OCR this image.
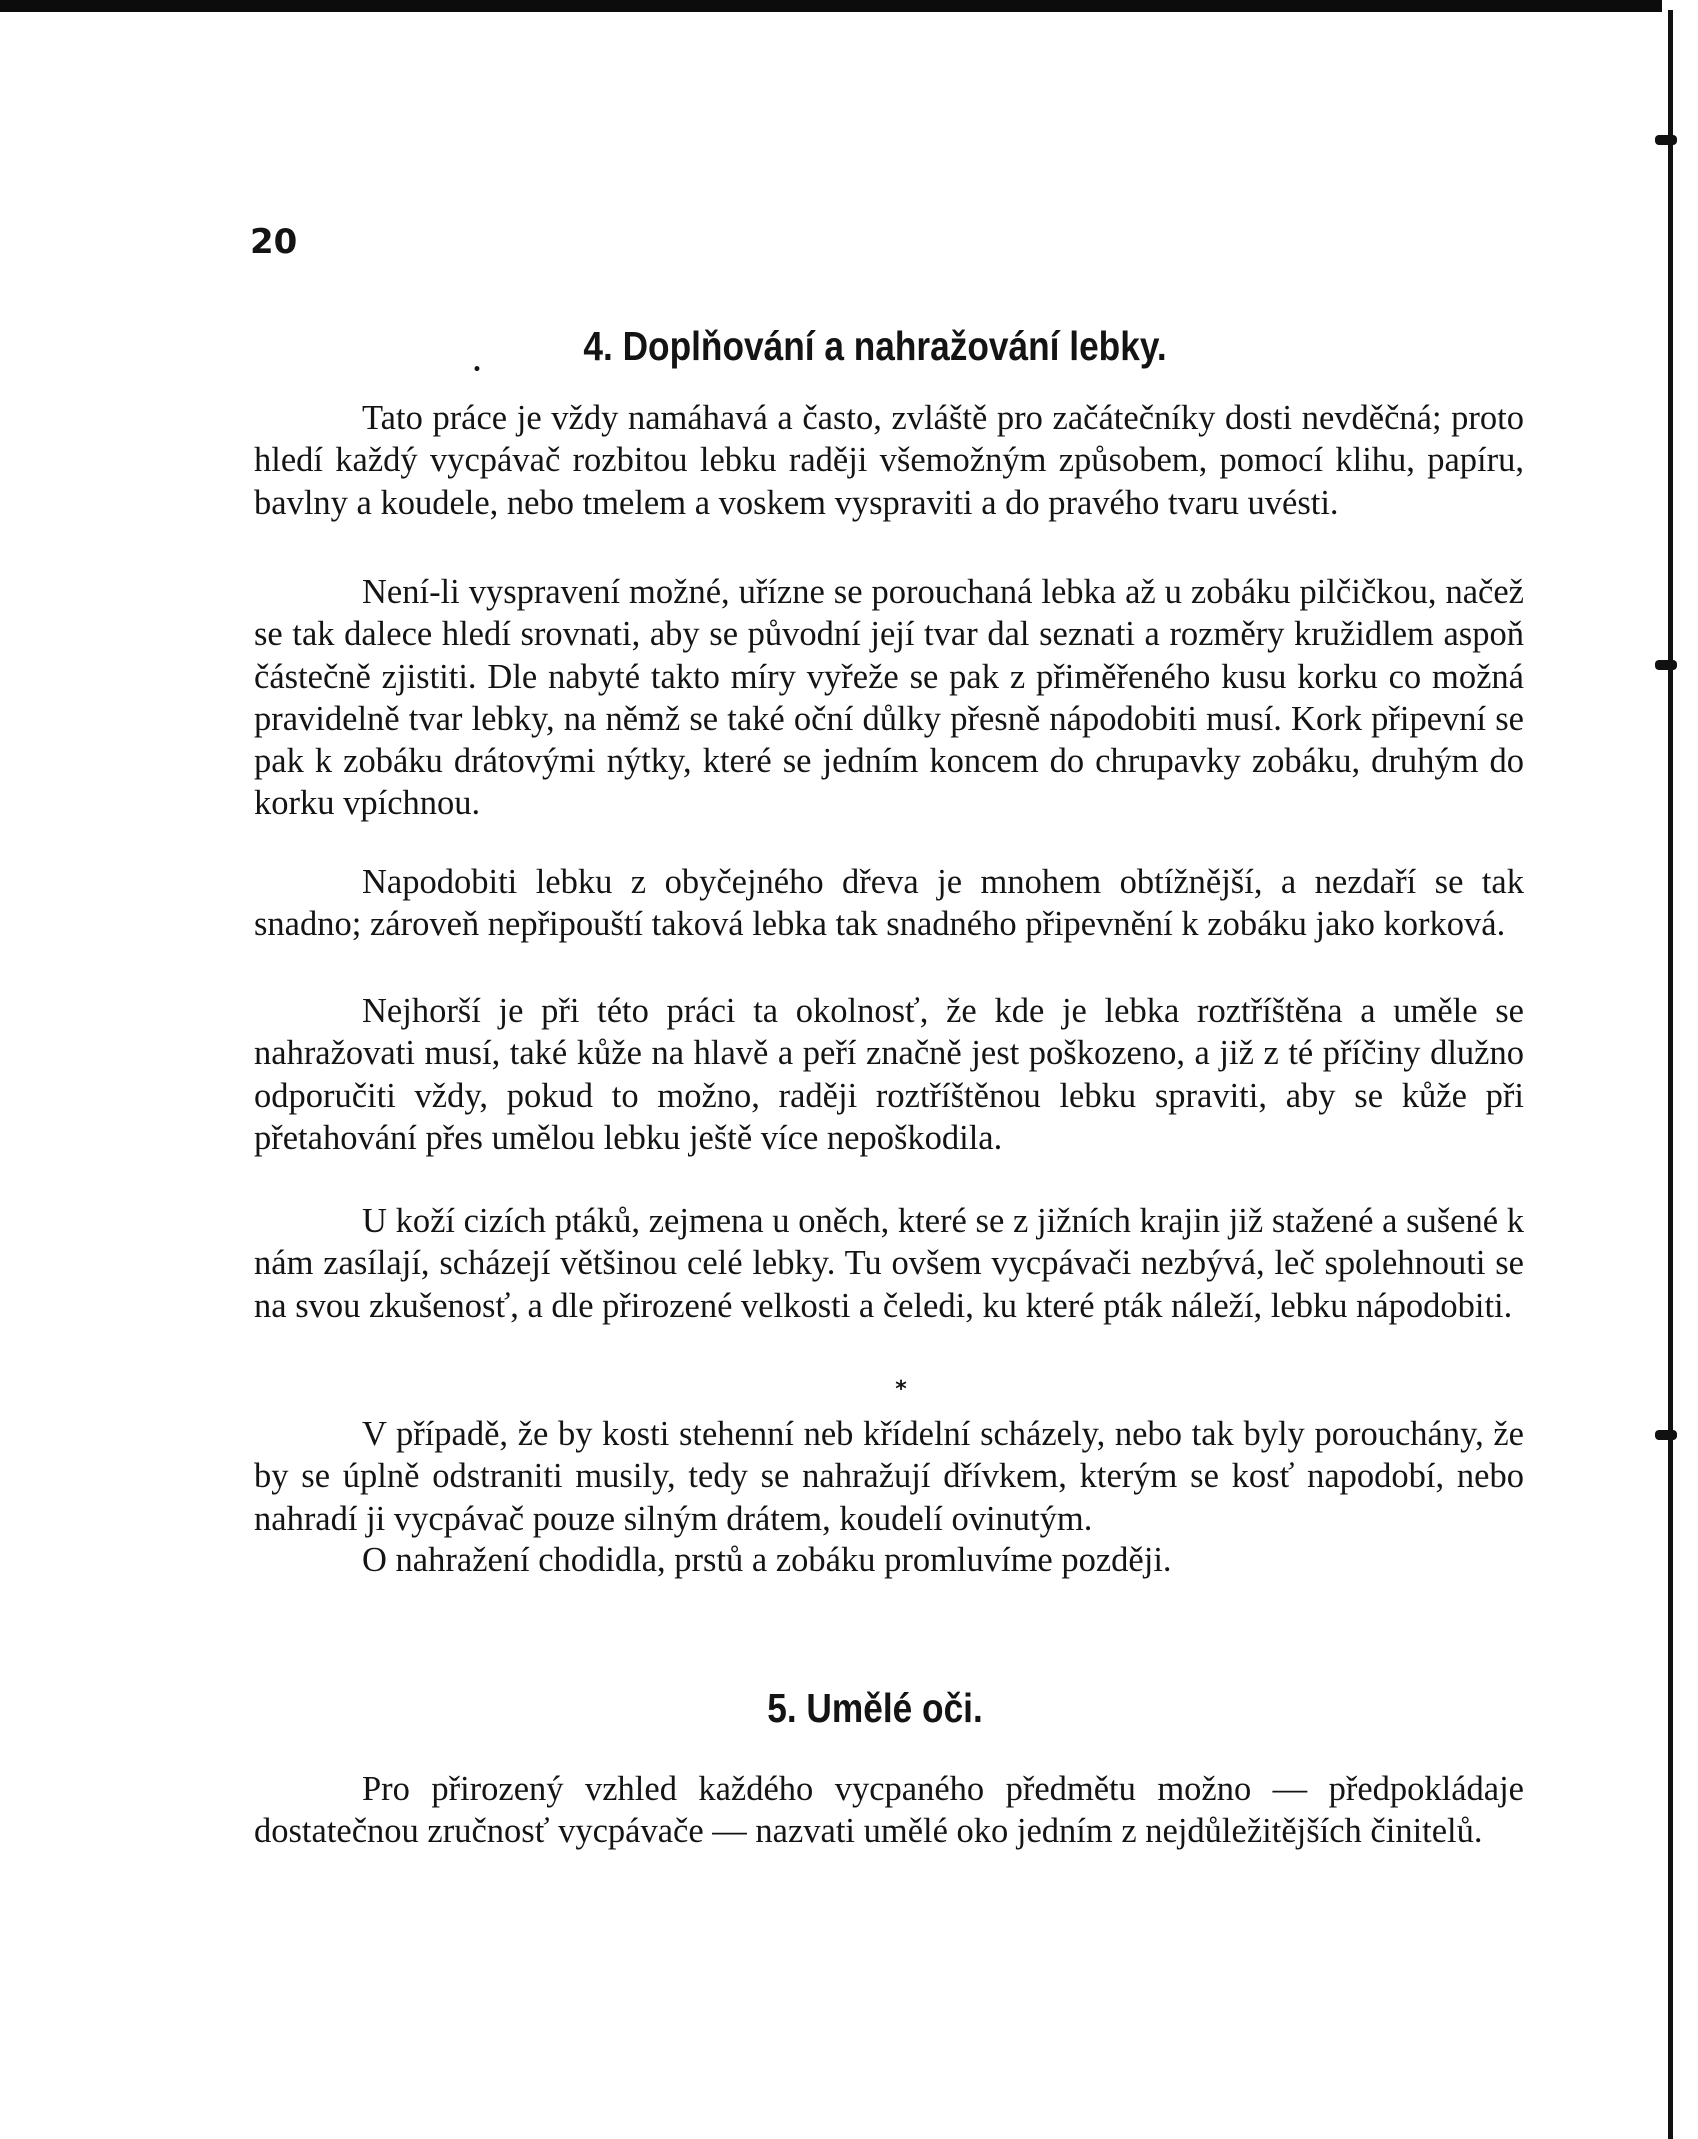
20
4. Doplňování a nahražování lebky.
•

Tato práce je vždy namáhavá a často, zvláště pro začátečníky dosti nevděčná; proto hledí každý vycpávač rozbitou lebku raději všemožným způsobem, pomocí klihu, papíru, bavlny a koudele, nebo tmelem a voskem vyspraviti a do pravého tvaru uvésti.

Není-li vyspravení možné, uřízne se porouchaná lebka až u zobáku pilčičkou, načež se tak dalece hledí srovnati, aby se původní její tvar dal seznati a rozměry kružidlem aspoň částečně zjistiti. Dle nabyté takto míry vyřeže se pak z přiměřeného kusu korku co možná pravidelně tvar lebky, na němž se také oční důlky přesně nápodobiti musí. Kork připevní se pak k zobáku drátovými nýtky, které se jedním koncem do chrupavky zobáku, druhým do korku vpíchnou.

Napodobiti lebku z obyčejného dřeva je mnohem obtížnější, a nezdaří se tak snadno; zároveň nepřipouští taková lebka tak snadného připevnění k zobáku jako korková.

Nejhorší je při této práci ta okolnosť, že kde je lebka roztříštěna a uměle se nahražovati musí, také kůže na hlavě a peří značně jest poškozeno, a již z té příčiny dlužno odporučiti vždy, pokud to možno, raději roztříštěnou lebku spraviti, aby se kůže při přetahování přes umělou lebku ještě více nepoškodila.

U koží cizích ptáků, zejmena u oněch, které se z jižních krajin již stažené a sušené k nám zasílají, scházejí většinou celé lebky. Tu ovšem vycpávači nezbývá, leč spolehnouti se na svou zkušenosť, a dle přirozené velkosti a čeledi, ku které pták náleží, lebku nápodobiti.

*

V případě, že by kosti stehenní neb křídelní scházely, nebo tak byly porouchány, že by se úplně odstraniti musily, tedy se nahražují dřívkem, kterým se kosť napodobí, nebo nahradí ji vycpávač pouze silným drátem, koudelí ovinutým.

O nahražení chodidla, prstů a zobáku promluvíme později.

5. Umělé oči.

Pro přirozený vzhled každého vycpaného předmětu možno — předpokládaje dostatečnou zručnosť vycpávače — nazvati umělé oko jedním z nejdůležitějších činitelů.
